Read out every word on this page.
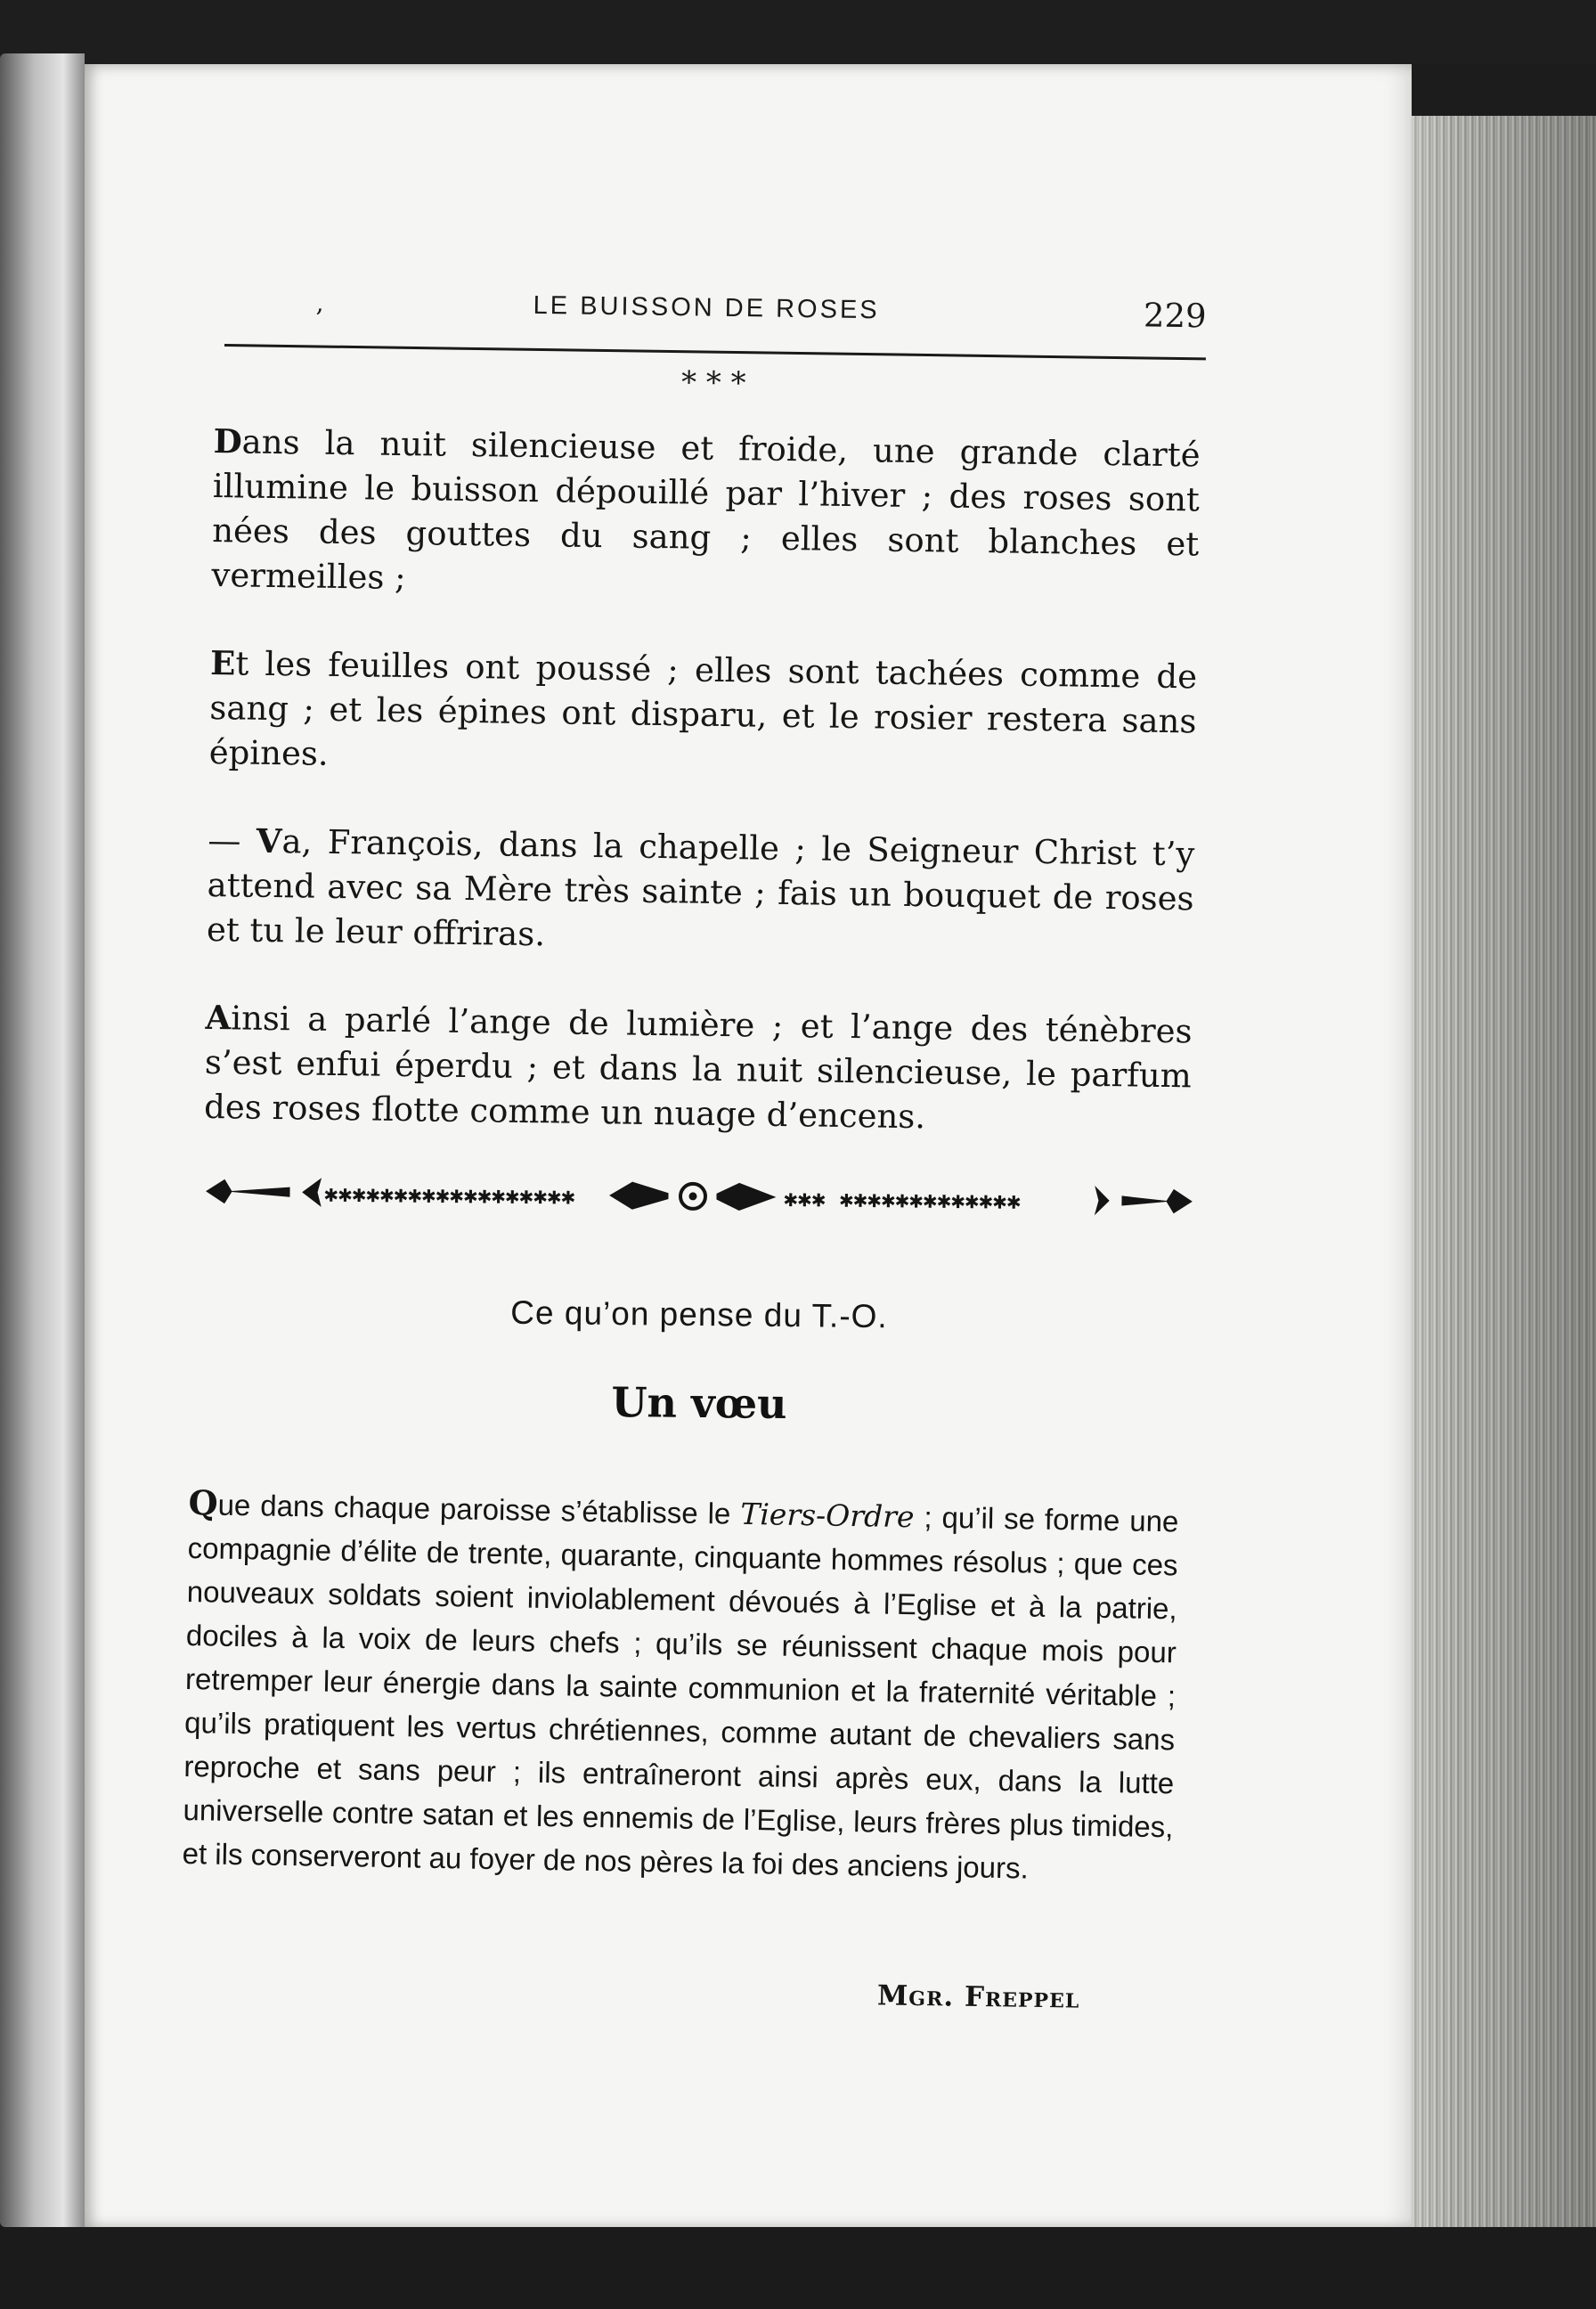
,	LE BUISSON DE ROSES	229
* * *

Dans la nuit silencieuse et froide, une grande clarté illumine le buisson dépouillé par l’hiver ; des roses sont nées des gouttes du sang ; elles sont blanches et vermeilles ;

Et les feuilles ont poussé ; elles sont tachées comme de sang ; et les épines ont disparu, et le rosier restera sans épines.

— Va, François, dans la chapelle ; le Seigneur Christ t’y attend avec sa Mère très sainte ; fais un bouquet de roses et tu le leur offriras.

Ainsi a parlé l’ange de lumière ; et l’ange des ténèbres s’est enfui éperdu ; et dans la nuit silencieuse, le parfum des roses flotte comme un nuage d’encens.

✱✱✱✱✱✱✱✱✱✱✱✱✱✱✱✱✱✱	✱✱✱ ✱✱✱✱✱✱✱✱✱✱✱✱✱
Ce qu’on pense du T.-O.
Un vœu
Que dans chaque paroisse s’établisse le Tiers-Ordre ; qu’il se forme une compagnie d’élite de trente, quarante, cinquante hommes résolus ; que ces nouveaux soldats soient inviolablement dévoués à l’Eglise et à la patrie, dociles à la voix de leurs chefs ; qu’ils se réunissent chaque mois pour retremper leur énergie dans la sainte communion et la fraternité véritable ; qu’ils pratiquent les vertus chrétiennes, comme autant de chevaliers sans reproche et sans peur ; ils entraîneront ainsi après eux, dans la lutte universelle contre satan et les ennemis de l’Eglise, leurs frères plus timides, et ils conserveront au foyer de nos pères la foi des anciens jours.
Mgr. Freppel
